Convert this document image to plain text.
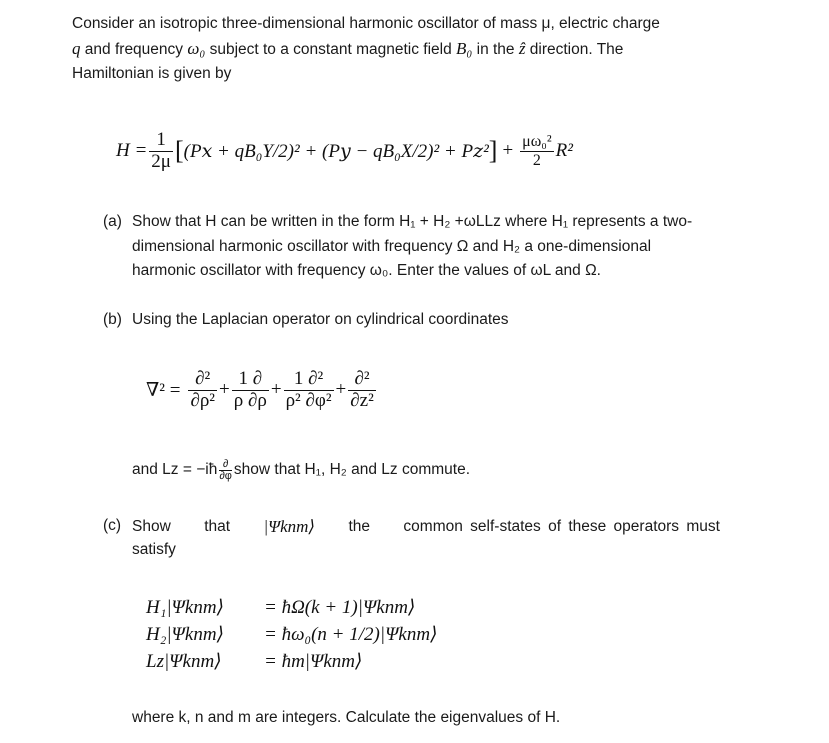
Consider an isotropic three-dimensional harmonic oscillator of mass μ, electric charge
q and frequency ω₀ subject to a constant magnetic field B₀ in the ẑ direction. The
Hamiltonian is given by
$H = \frac{1}{2\mu}$ [ (P𝑥 + qB₀Y/2)² + (P𝑦 − qB₀X/2)² + P𝑧² ] + $\frac{\text{μω₀²}}{2} R^2$
(a) Show that H can be written in the form H₁ + H₂ +ωLLz where H₁ represents a two-
dimensional harmonic oscillator with frequency Ω and H₂ a one-dimensional
harmonic oscillator with frequency ω₀. Enter the values of ωL and Ω.
(b) Using the Laplacian operator on cylindrical coordinates
$\nabla^2 = \frac{\text{∂²}}{\text{∂ρ²}} + \frac{1 \partial}{\rho \partial\rho} + \frac{\text{1 ∂²}}{\text{ρ² ∂φ²}} + \frac{\text{∂²}}{\text{∂z²}}$
and Lz = −iħ $\frac{\partial}{\partial\varphi}$ show that H₁, H₂ and Lz commute.
(c) Show that |Ψknm⟩ the common self-states of these operators must
satisfy
H₁|Ψknm⟩	= ħΩ(k + 1)|Ψknm⟩
H₂|Ψknm⟩	= ħω₀(n + 1/2)|Ψknm⟩
Lz|Ψknm⟩	= ħm|Ψknm⟩
where k, n and m are integers. Calculate the eigenvalues of H.
